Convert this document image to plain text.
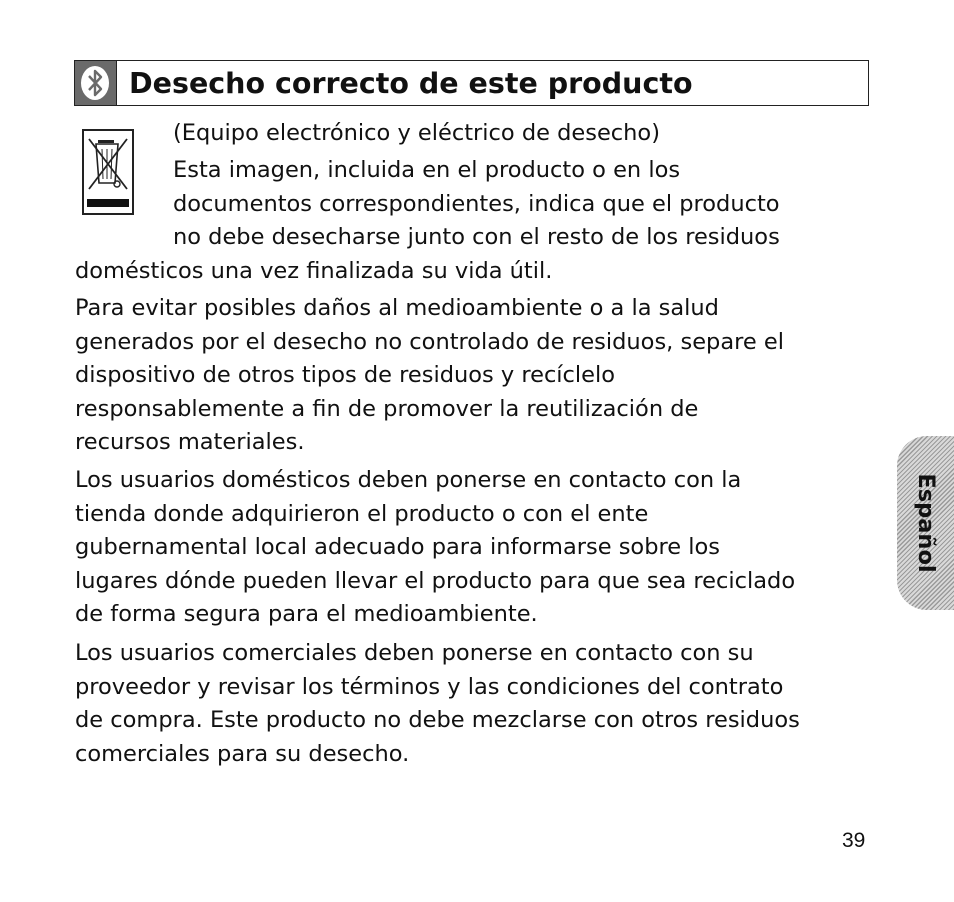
Desecho correcto de este producto
(Equipo electrónico y eléctrico de desecho)
Esta imagen, incluida en el producto o en los
documentos correspondientes, indica que el producto
no debe desecharse junto con el resto de los residuos
domésticos una vez finalizada su vida útil.
Para evitar posibles daños al medioambiente o a la salud
generados por el desecho no controlado de residuos, separe el
dispositivo de otros tipos de residuos y recíclelo
responsablemente a fin de promover la reutilización de
recursos materiales.
Los usuarios domésticos deben ponerse en contacto con la
tienda donde adquirieron el producto o con el ente
gubernamental local adecuado para informarse sobre los
lugares dónde pueden llevar el producto para que sea reciclado
de forma segura para el medioambiente.
Los usuarios comerciales deben ponerse en contacto con su
proveedor y revisar los términos y las condiciones del contrato
de compra. Este producto no debe mezclarse con otros residuos
comerciales para su desecho.
Español
39
